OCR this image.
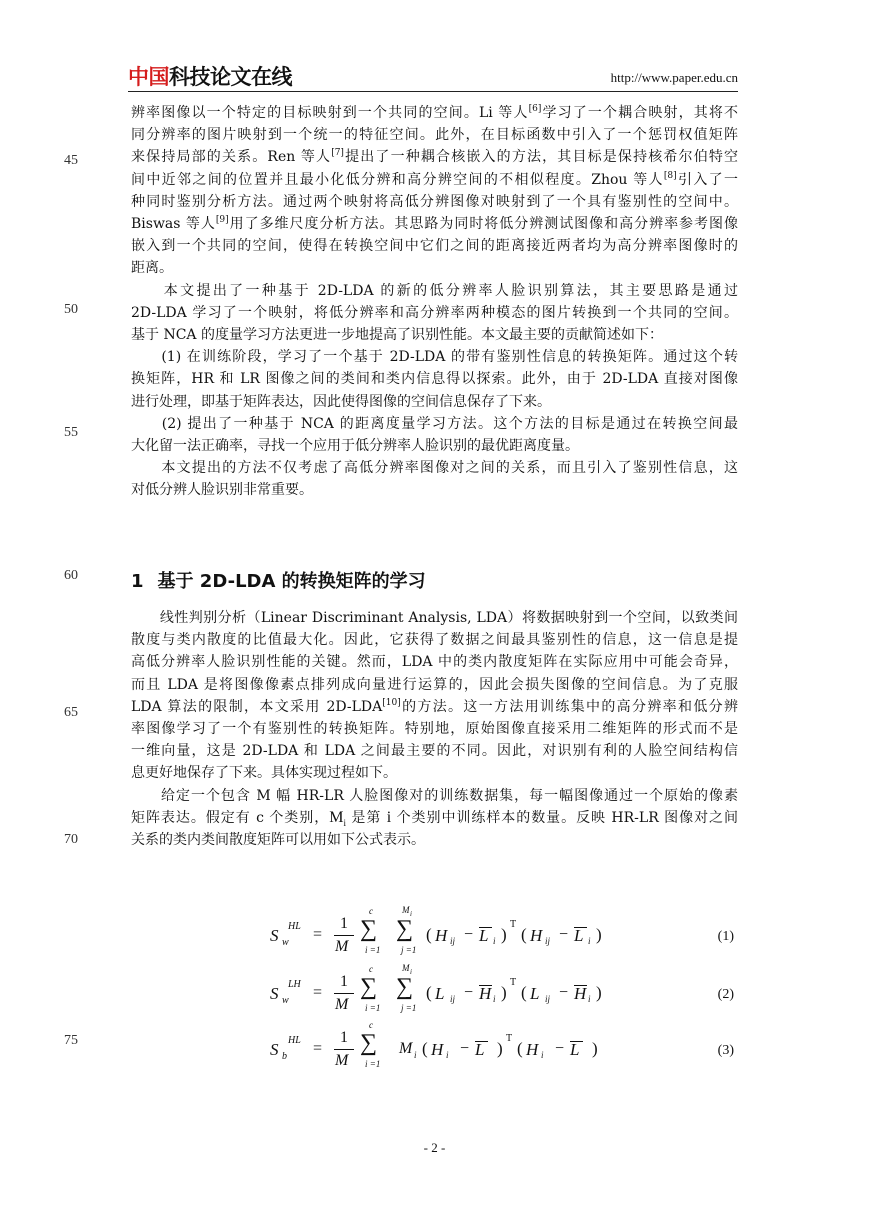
中国科技论文在线	http://www.paper.edu.cn
辨率图像以一个特定的目标映射到一个共同的空间。Li 等人[6]学习了一个耦合映射，其将不
同分辨率的图片映射到一个统一的特征空间。此外，在目标函数中引入了一个惩罚权值矩阵
来保持局部的关系。Ren 等人[7]提出了一种耦合核嵌入的方法，其目标是保持核希尔伯特空
间中近邻之间的位置并且最小化低分辨和高分辨空间的不相似程度。Zhou 等人[8]引入了一
种同时鉴别分析方法。通过两个映射将高低分辨图像对映射到了一个具有鉴别性的空间中。
Biswas 等人[9]用了多维尺度分析方法。其思路为同时将低分辨测试图像和高分辨率参考图像
嵌入到一个共同的空间，使得在转换空间中它们之间的距离接近两者均为高分辨率图像时的
距离。
　　本文提出了一种基于 2D-LDA 的新的低分辨率人脸识别算法，其主要思路是通过
2D-LDA 学习了一个映射，将低分辨率和高分辨率两种模态的图片转换到一个共同的空间。
基于 NCA 的度量学习方法更进一步地提高了识别性能。本文最主要的贡献简述如下：
　　(1) 在训练阶段，学习了一个基于 2D-LDA 的带有鉴别性信息的转换矩阵。通过这个转
换矩阵，HR 和 LR 图像之间的类间和类内信息得以探索。此外，由于 2D-LDA 直接对图像
进行处理，即基于矩阵表达，因此使得图像的空间信息保存了下来。
　　(2) 提出了一种基于 NCA 的距离度量学习方法。这个方法的目标是通过在转换空间最
大化留一法正确率，寻找一个应用于低分辨率人脸识别的最优距离度量。
　　本文提出的方法不仅考虑了高低分辨率图像对之间的关系，而且引入了鉴别性信息，这
对低分辨人脸识别非常重要。
　　线性判别分析（Linear Discriminant Analysis, LDA）将数据映射到一个空间，以致类间
散度与类内散度的比值最大化。因此，它获得了数据之间最具鉴别性的信息，这一信息是提
高低分辨率人脸识别性能的关键。然而，LDA 中的类内散度矩阵在实际应用中可能会奇异，
而且 LDA 是将图像像素点排列成向量进行运算的，因此会损失图像的空间信息。为了克服
LDA 算法的限制，本文采用 2D-LDA[10]的方法。这一方法用训练集中的高分辨率和低分辨
率图像学习了一个有鉴别性的转换矩阵。特别地，原始图像直接采用二维矩阵的形式而不是
一维向量，这是 2D-LDA 和 LDA 之间最主要的不同。因此，对识别有利的人脸空间结构信
息更好地保存了下来。具体实现过程如下。
　　给定一个包含 M 幅 HR-LR 人脸图像对的训练数据集，每一幅图像通过一个原始的像素
矩阵表达。假定有 c 个类别，$M_i$ 是第 i 个类别中训练样本的数量。反映 HR-LR 图像对之间
关系的类内类间散度矩阵可以用如下公式表示。
45
50
55
60
65
70
75
1 基于 2D-LDA 的转换矩阵的学习
S w
HL =
1
M
c
∑
i =1
M i
∑
j =1
( H ij − L i )
T
( H ij − L i )	(1)
S w
LH =
1
M
c
∑
i =1
M i
∑
j =1
( L ij − H i )
T
( L ij − H i )	(2)
S b
HL =
1
M
c
∑
i =1
M i ( H i − L )
T
( H i − L )	(3)
- 2 -
